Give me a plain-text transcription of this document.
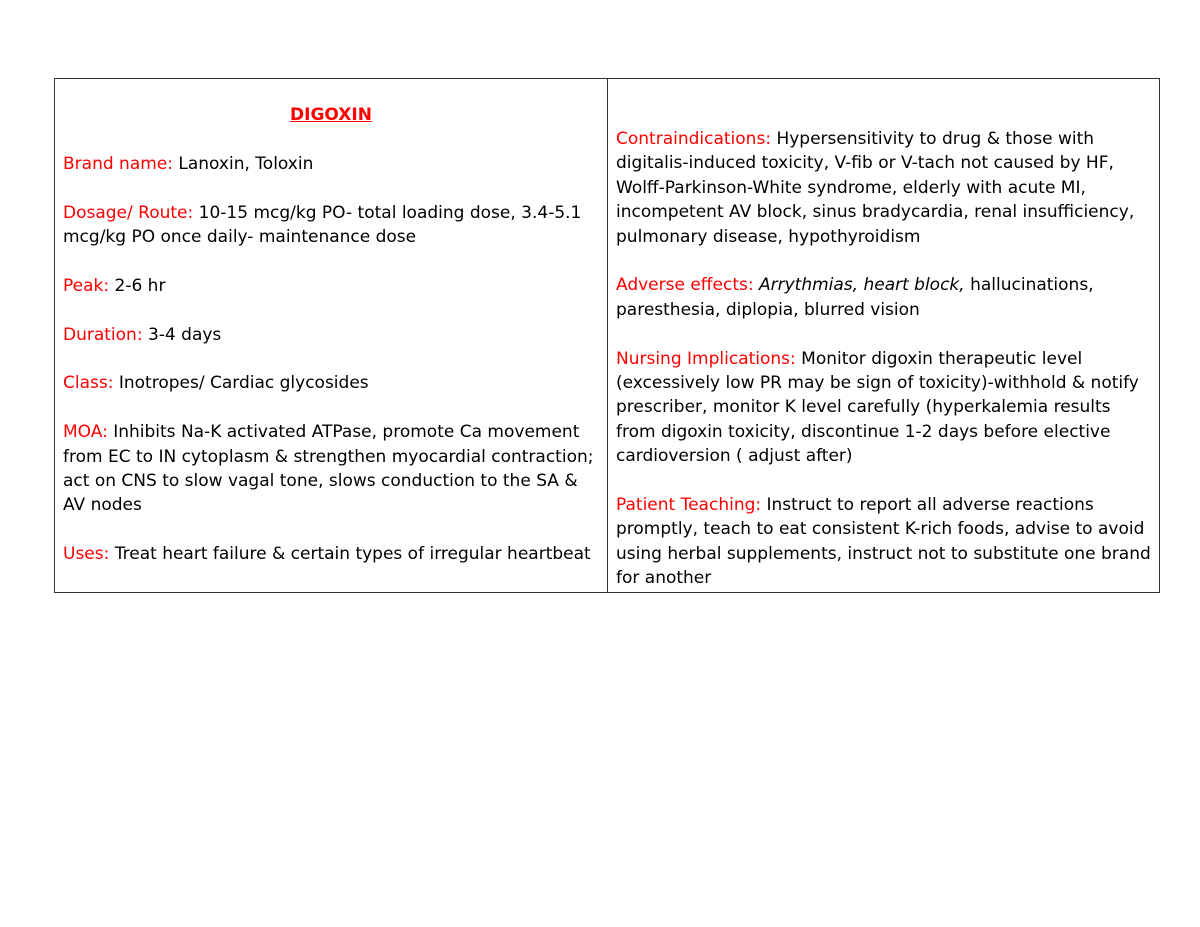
DIGOXIN
Brand name: Lanoxin, Toloxin
Dosage/ Route: 10-15 mcg/kg PO- total loading dose, 3.4-5.1 mcg/kg PO once daily- maintenance dose
Peak: 2-6 hr
Duration: 3-4 days
Class: Inotropes/ Cardiac glycosides
MOA: Inhibits Na-K activated ATPase, promote Ca movement from EC to IN cytoplasm & strengthen myocardial contraction; act on CNS to slow vagal tone, slows conduction to the SA & AV nodes
Uses: Treat heart failure & certain types of irregular heartbeat
Contraindications: Hypersensitivity to drug & those with digitalis-induced toxicity, V-fib or V-tach not caused by HF, Wolff-Parkinson-White syndrome, elderly with acute MI, incompetent AV block, sinus bradycardia, renal insufficiency, pulmonary disease, hypothyroidism
Adverse effects: Arrythmias, heart block, hallucinations, paresthesia, diplopia, blurred vision
Nursing Implications: Monitor digoxin therapeutic level (excessively low PR may be sign of toxicity)-withhold & notify prescriber, monitor K level carefully (hyperkalemia results from digoxin toxicity, discontinue 1-2 days before elective cardioversion ( adjust after)
Patient Teaching: Instruct to report all adverse reactions promptly, teach to eat consistent K-rich foods, advise to avoid using herbal supplements, instruct not to substitute one brand for another
